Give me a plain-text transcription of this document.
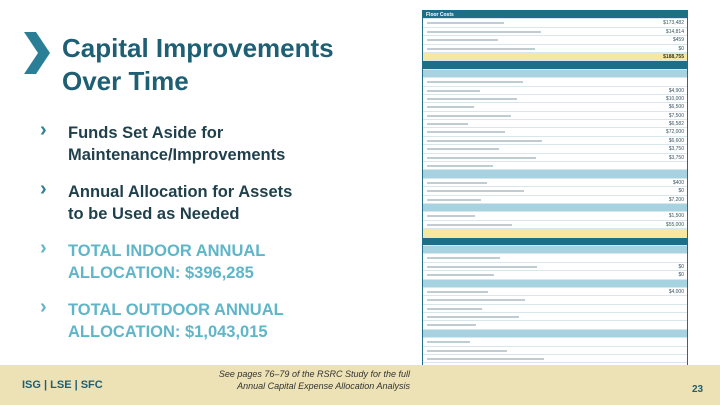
Capital Improvements
Over Time
› Funds Set Aside for
Maintenance/Improvements
› Annual Allocation for Assets
to be Used as Needed
› TOTAL INDOOR ANNUAL
ALLOCATION: $396,285
› TOTAL OUTDOOR ANNUAL
ALLOCATION: $1,043,015
Floor Costs
$173,482
$14,814
$459
$0
$188,755
$4,900
$10,000
$6,500
$7,500
$6,582
$72,000
$6,600
$3,750
$3,750
$400
$0
$7,200
$1,500
$55,000
$0
$0
$4,000
ISG | LSE | SFC
See pages 76–79 of the RSRC Study for the full
Annual Capital Expense Allocation Analysis	23
